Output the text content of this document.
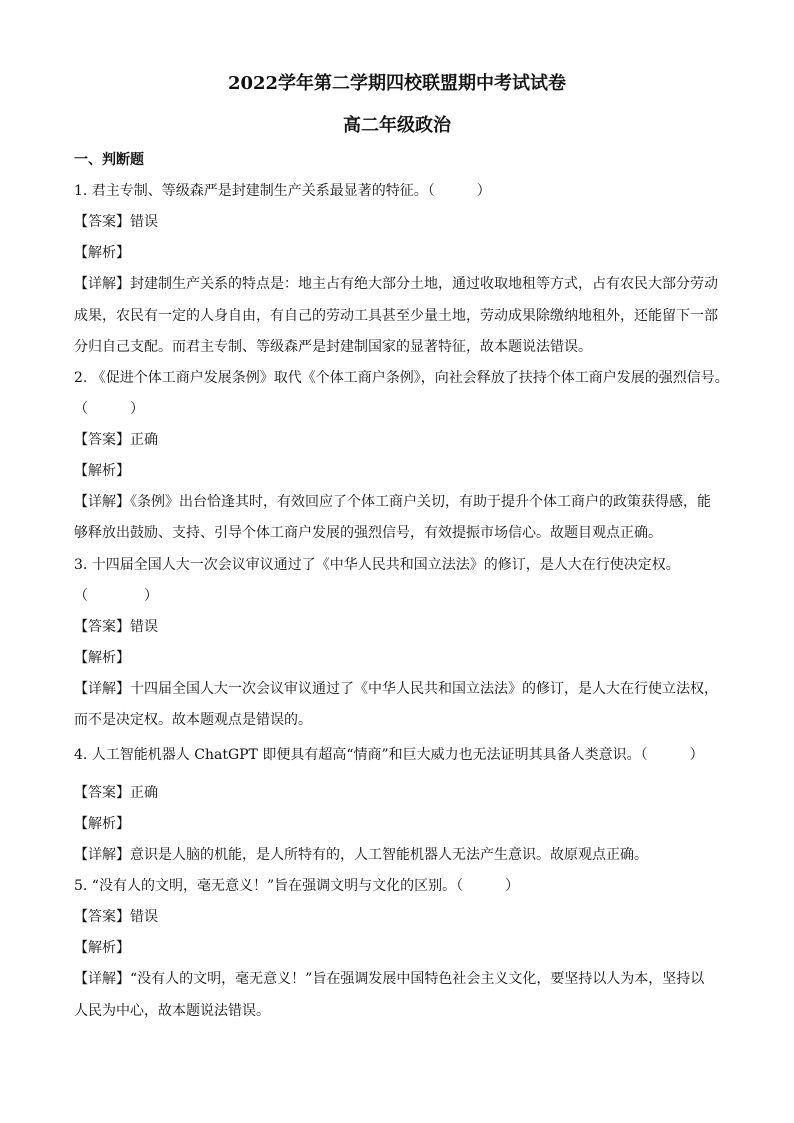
2022学年第二学期四校联盟期中考试试卷
高二年级政治
一、判断题
1. 君主专制、等级森严是封建制生产关系最显著的特征。（　　　）
【答案】错误
【解析】
【详解】封建制生产关系的特点是：地主占有绝大部分土地，通过收取地租等方式，占有农民大部分劳动
成果，农民有一定的人身自由，有自己的劳动工具甚至少量土地，劳动成果除缴纳地租外，还能留下一部
分归自己支配。而君主专制、等级森严是封建制国家的显著特征，故本题说法错误。
2. 《促进个体工商户发展条例》取代《个体工商户条例》，向社会释放了扶持个体工商户发展的强烈信号。
（　　　）
【答案】正确
【解析】
【详解】《条例》出台恰逢其时，有效回应了个体工商户关切，有助于提升个体工商户的政策获得感，能
够释放出鼓励、支持、引导个体工商户发展的强烈信号，有效提振市场信心。故题目观点正确。
3. 十四届全国人大一次会议审议通过了《中华人民共和国立法法》的修订，是人大在行使决定权。
（　　　　）
【答案】错误
【解析】
【详解】十四届全国人大一次会议审议通过了《中华人民共和国立法法》的修订，是人大在行使立法权，
而不是决定权。故本题观点是错误的。
4. 人工智能机器人 ChatGPT 即便具有超高“情商”和巨大威力也无法证明其具备人类意识。（　　　）
【答案】正确
【解析】
【详解】意识是人脑的机能，是人所特有的，人工智能机器人无法产生意识。故原观点正确。
5. “没有人的文明，毫无意义！”旨在强调文明与文化的区别。（　　　）
【答案】错误
【解析】
【详解】“没有人的文明，毫无意义！”旨在强调发展中国特色社会主义文化，要坚持以人为本，坚持以
人民为中心，故本题说法错误。
